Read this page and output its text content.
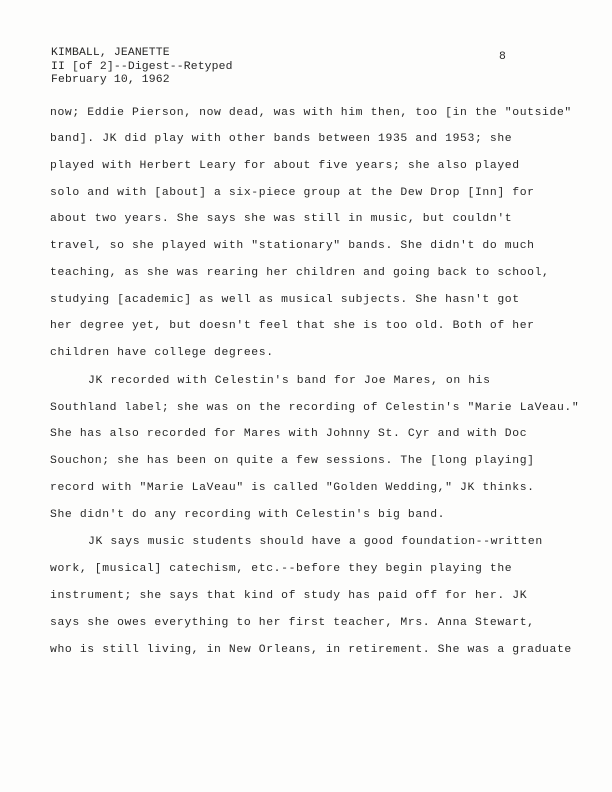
KIMBALL, JEANETTE
II [of 2]--Digest--Retyped
February 10, 1962
8
now; Eddie Pierson, now dead, was with him then, too [in the "outside"
band]. JK did play with other bands between 1935 and 1953; she
played with Herbert Leary for about five years; she also played
solo and with [about] a six-piece group at the Dew Drop [Inn] for
about two years. She says she was still in music, but couldn't
travel, so she played with "stationary" bands. She didn't do much
teaching, as she was rearing her children and going back to school,
studying [academic] as well as musical subjects. She hasn't got
her degree yet, but doesn't feel that she is too old. Both of her
children have college degrees.
JK recorded with Celestin's band for Joe Mares, on his
Southland label; she was on the recording of Celestin's "Marie LaVeau."
She has also recorded for Mares with Johnny St. Cyr and with Doc
Souchon; she has been on quite a few sessions. The [long playing]
record with "Marie LaVeau" is called "Golden Wedding," JK thinks.
She didn't do any recording with Celestin's big band.
JK says music students should have a good foundation--written
work, [musical] catechism, etc.--before they begin playing the
instrument; she says that kind of study has paid off for her. JK
says she owes everything to her first teacher, Mrs. Anna Stewart,
who is still living, in New Orleans, in retirement. She was a graduate
